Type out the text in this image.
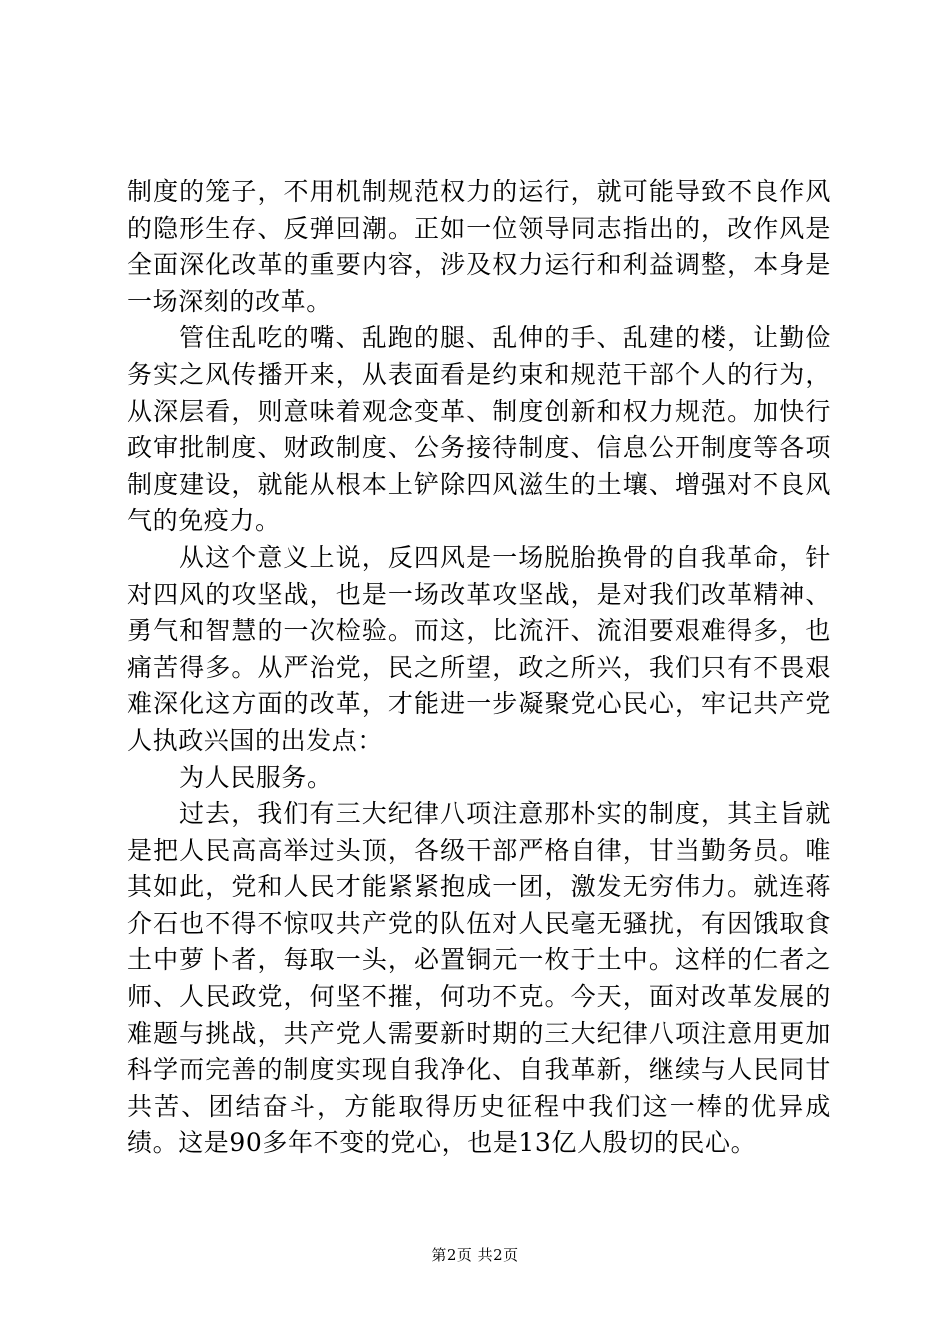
制度的笼子，不用机制规范权力的运行，就可能导致不良作风的隐形生存、反弹回潮。正如一位领导同志指出的，改作风是全面深化改革的重要内容，涉及权力运行和利益调整，本身是一场深刻的改革。

管住乱吃的嘴、乱跑的腿、乱伸的手、乱建的楼，让勤俭务实之风传播开来，从表面看是约束和规范干部个人的行为，从深层看，则意味着观念变革、制度创新和权力规范。加快行政审批制度、财政制度、公务接待制度、信息公开制度等各项制度建设，就能从根本上铲除四风滋生的土壤、增强对不良风气的免疫力。

从这个意义上说，反四风是一场脱胎换骨的自我革命，针对四风的攻坚战，也是一场改革攻坚战，是对我们改革精神、勇气和智慧的一次检验。而这，比流汗、流泪要艰难得多，也痛苦得多。从严治党，民之所望，政之所兴，我们只有不畏艰难深化这方面的改革，才能进一步凝聚党心民心，牢记共产党人执政兴国的出发点：

为人民服务。

过去，我们有三大纪律八项注意那朴实的制度，其主旨就是把人民高高举过头顶，各级干部严格自律，甘当勤务员。唯其如此，党和人民才能紧紧抱成一团，激发无穷伟力。就连蒋介石也不得不惊叹共产党的队伍对人民毫无骚扰，有因饿取食土中萝卜者，每取一头，必置铜元一枚于土中。这样的仁者之师、人民政党，何坚不摧，何功不克。今天，面对改革发展的难题与挑战，共产党人需要新时期的三大纪律八项注意用更加科学而完善的制度实现自我净化、自我革新，继续与人民同甘共苦、团结奋斗，方能取得历史征程中我们这一棒的优异成绩。这是90多年不变的党心，也是13亿人殷切的民心。

第2页 共2页
